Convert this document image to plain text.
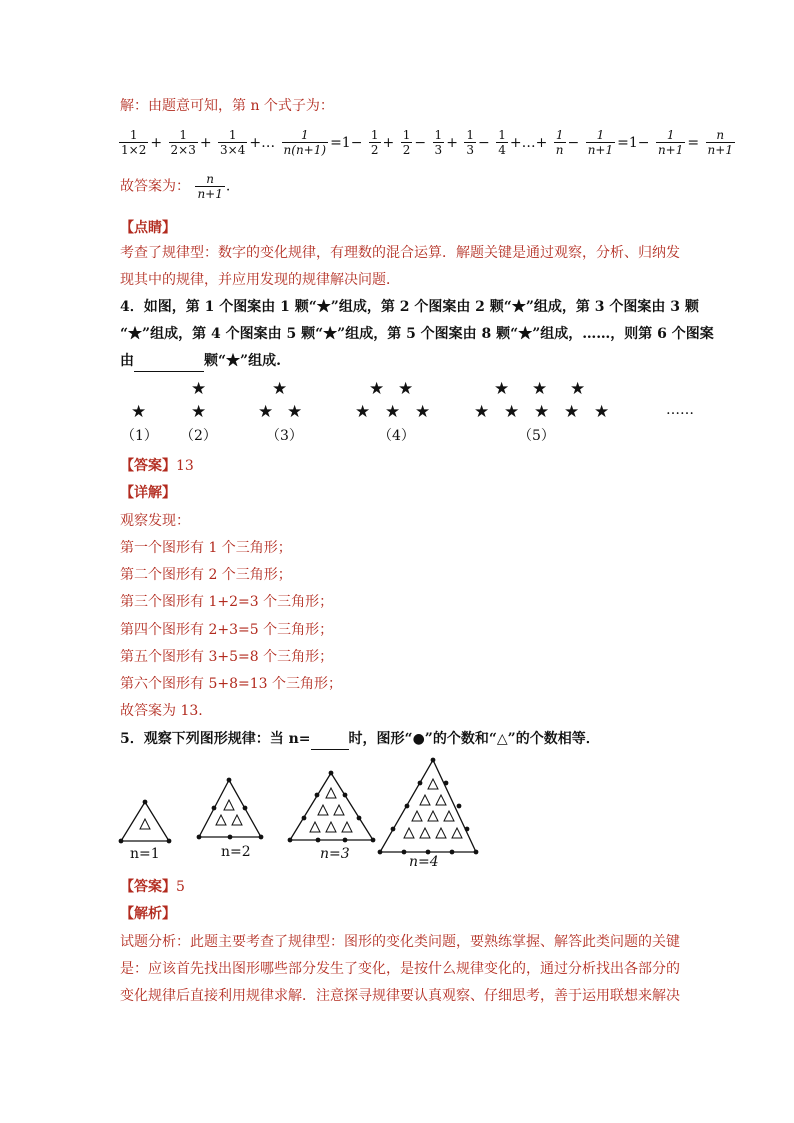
解：由题意可知，第 n 个式子为：
$\frac{1}{1\times 2} + \frac{1}{2\times 3} + \frac{1}{3\times 4}$ +… $\frac{1}{n(n+1)} =1- \frac{1}{2} + \frac{1}{2} - \frac{1}{3} + \frac{1}{3} - \frac{1}{4}$ +…+ $\frac{1}{n} - \frac{1}{n+1} =1- \frac{1}{n+1} = \frac{n}{n+1}$
故答案为： $\frac{n}{n+1}$ .
【点睛】
考查了规律型：数字的变化规律，有理数的混合运算．解题关键是通过观察，分析、归纳发
现其中的规律，并应用发现的规律解决问题．
4．如图，第 1 个图案由 1 颗“★”组成，第 2 个图案由 2 颗“★”组成，第 3 个图案由 3 颗
“★”组成，第 4 个图案由 5 颗“★”组成，第 5 个图案由 8 颗“★”组成，……，则第 6 个图案
由	颗“★”组成.
★
★
★
★
★ ★
★ ★
★ ★ ★
★ ★ ★
★ ★ ★ ★ ★	……
（1） （2）	（3）	（4）	（5）
【答案】13
【详解】
观察发现：
第一个图形有 1 个三角形；
第二个图形有 2 个三角形；
第三个图形有 1+2=3 个三角形；
第四个图形有 2+3=5 个三角形；
第五个图形有 3+5=8 个三角形；
第六个图形有 5+8=13 个三角形；
故答案为 13.
5．观察下列图形规律：当 n=	时，图形“●”的个数和“△”的个数相等．
n=1	n=2	n=3	n=4
【答案】5
【解析】
试题分析：此题主要考查了规律型：图形的变化类问题，要熟练掌握、解答此类问题的关键
是：应该首先找出图形哪些部分发生了变化，是按什么规律变化的，通过分析找出各部分的
变化规律后直接利用规律求解．注意探寻规律要认真观察、仔细思考，善于运用联想来解决
